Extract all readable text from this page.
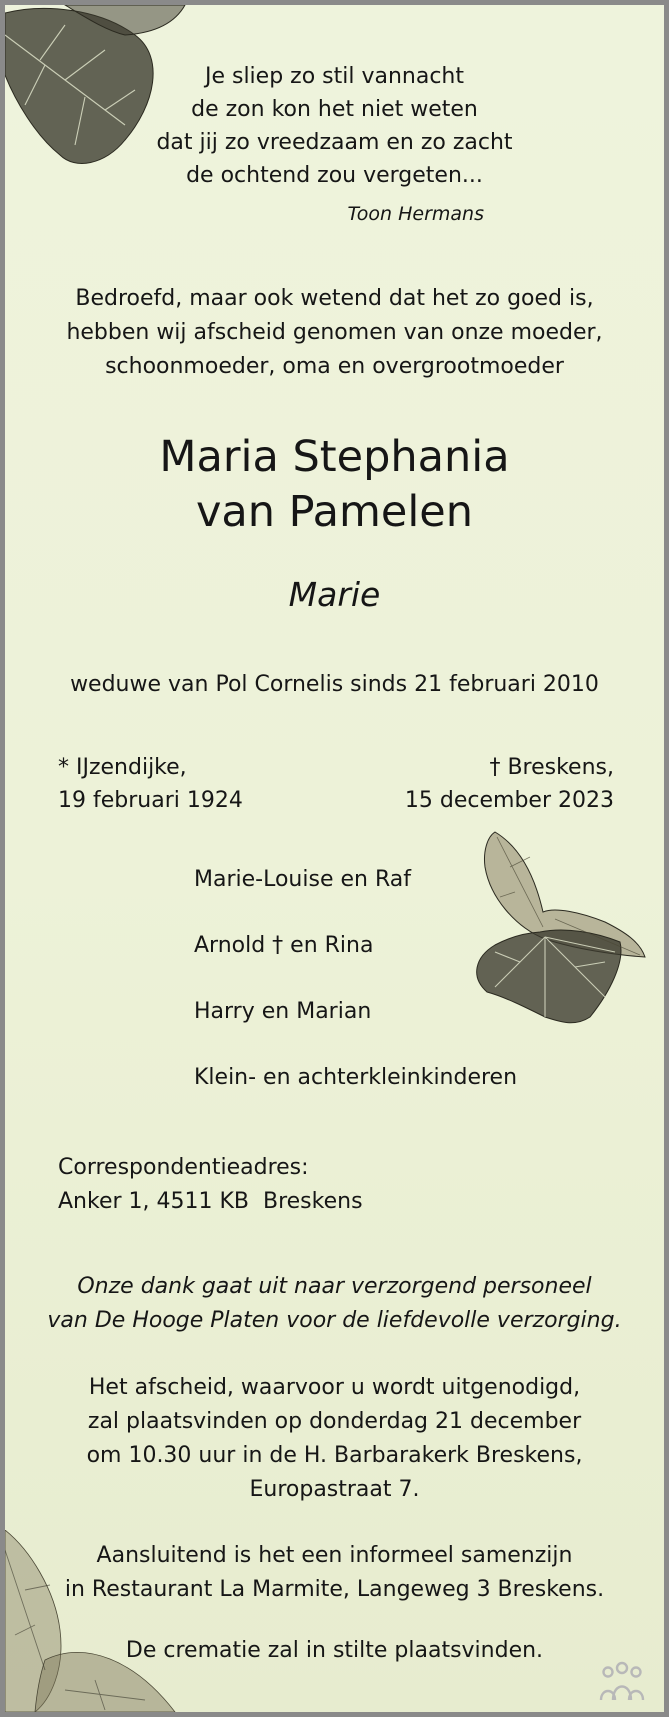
Je sliep zo stil vannacht
de zon kon het niet weten
dat jij zo vreedzaam en zo zacht
de ochtend zou vergeten...
Toon Hermans
Bedroefd, maar ook wetend dat het zo goed is,
hebben wij afscheid genomen van onze moeder,
schoonmoeder, oma en overgrootmoeder
Maria Stephania
van Pamelen
Marie
weduwe van Pol Cornelis sinds 21 februari 2010
* IJzendijke,
19 februari 1924
† Breskens,
15 december 2023
Marie-Louise en Raf
Arnold † en Rina
Harry en Marian
Klein- en achterkleinkinderen
Correspondentieadres:
Anker 1, 4511 KB  Breskens
Onze dank gaat uit naar verzorgend personeel
van De Hooge Platen voor de liefdevolle verzorging.
Het afscheid, waarvoor u wordt uitgenodigd,
zal plaatsvinden op donderdag 21 december
om 10.30 uur in de H. Barbarakerk Breskens,
Europastraat 7.
Aansluitend is het een informeel samenzijn
in Restaurant La Marmite, Langeweg 3 Breskens.
De crematie zal in stilte plaatsvinden.
